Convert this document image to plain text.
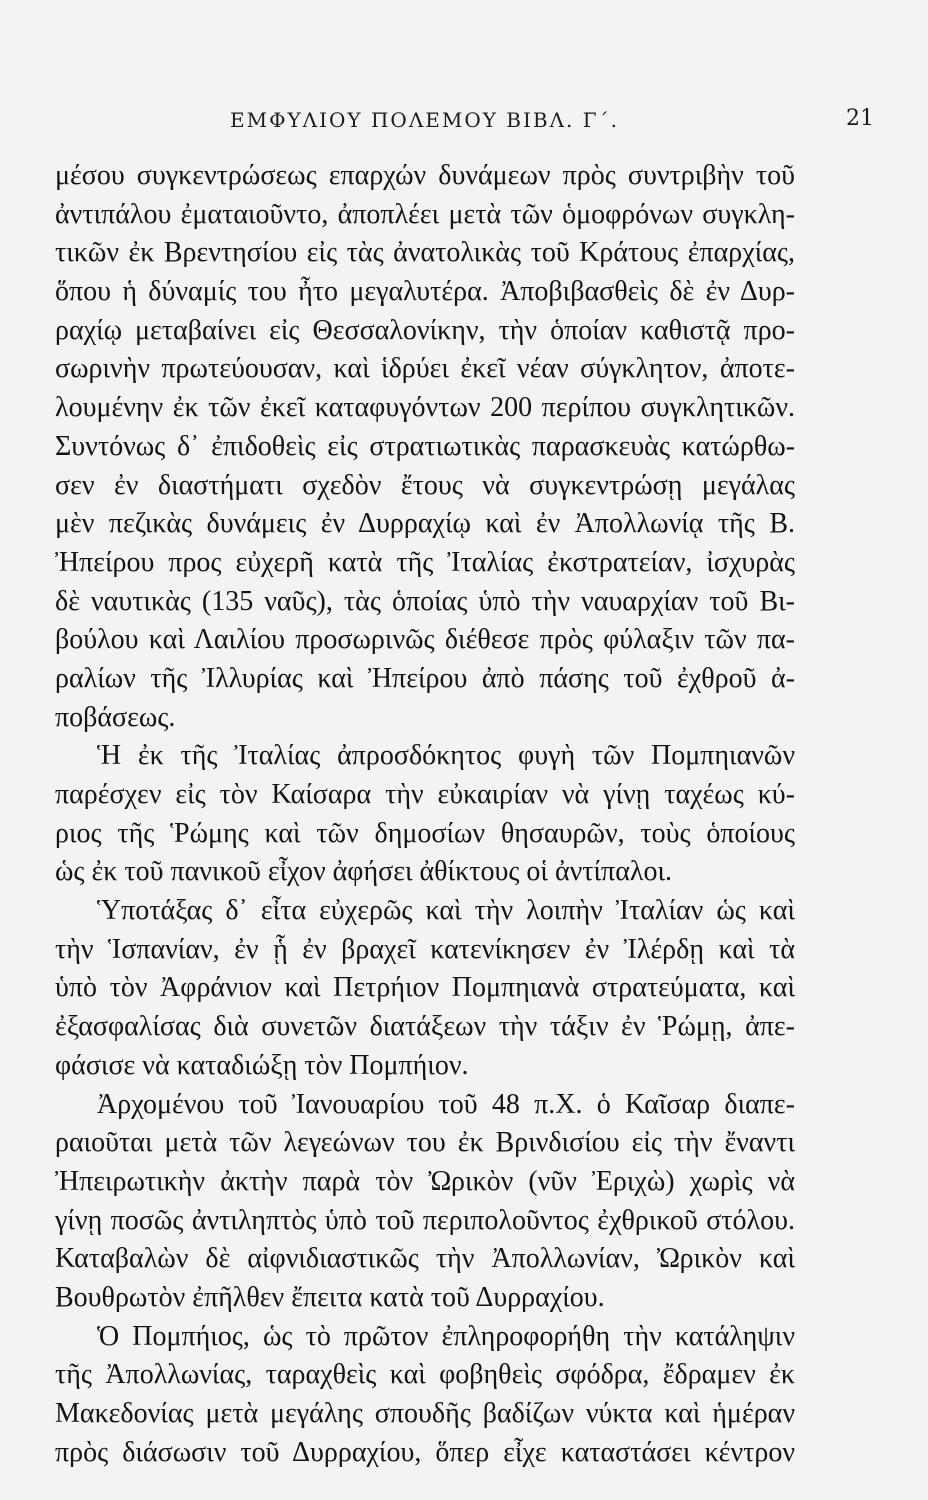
ΕΜΦΥΛΙΟΥ ΠΟΛΕΜΟΥ ΒΙΒΛ. Γ΄.	21
μέσου συγκεντρώσεως επαρχών δυνάμεων πρὸς συντριβὴν τοῦ
ἀντιπάλου ἐματαιοῦντο, ἀποπλέει μετὰ τῶν ὁμοφρόνων συγκλη-
τικῶν ἐκ Βρεντησίου εἰς τὰς ἀνατολικὰς τοῦ Κράτους ἐπαρχίας,
ὅπου ἡ δύναμίς του ἦτο μεγαλυτέρα. Ἀποβιβασθεὶς δὲ ἐν Δυρ-
ραχίῳ μεταβαίνει εἰς Θεσσαλονίκην, τὴν ὁποίαν καθιστᾷ προ-
σωρινὴν πρωτεύουσαν, καὶ ἱδρύει ἐκεῖ νέαν σύγκλητον, ἀποτε-
λουμένην ἐκ τῶν ἐκεῖ καταφυγόντων 200 περίπου συγκλητικῶν.
Συντόνως δ᾽ ἐπιδοθεὶς εἰς στρατιωτικὰς παρασκευὰς κατώρθω-
σεν ἐν διαστήματι σχεδὸν ἔτους νὰ συγκεντρώσῃ μεγάλας
μὲν πεζικὰς δυνάμεις ἐν Δυρραχίῳ καὶ ἐν Ἀπολλωνίᾳ τῆς Β.
Ἠπείρου προς εὐχερῆ κατὰ τῆς Ἰταλίας ἐκστρατείαν, ἰσχυρὰς
δὲ ναυτικὰς (135 ναῦς), τὰς ὁποίας ὑπὸ τὴν ναυαρχίαν τοῦ Βι-
βούλου καὶ Λαιλίου προσωρινῶς διέθεσε πρὸς φύλαξιν τῶν πα-
ραλίων τῆς Ἰλλυρίας καὶ Ἠπείρου ἀπὸ πάσης τοῦ ἐχθροῦ ἀ-
ποβάσεως.
Ἡ ἐκ τῆς Ἰταλίας ἀπροσδόκητος φυγὴ τῶν Πομπηιανῶν
παρέσχεν εἰς τὸν Καίσαρα τὴν εὐκαιρίαν νὰ γίνῃ ταχέως κύ-
ριος τῆς Ῥώμης καὶ τῶν δημοσίων θησαυρῶν, τοὺς ὁποίους
ὡς ἐκ τοῦ πανικοῦ εἶχον ἀφήσει ἀθίκτους οἱ ἀντίπαλοι.
Ὑποτάξας δ᾽ εἶτα εὐχερῶς καὶ τὴν λοιπὴν Ἰταλίαν ὡς καὶ
τὴν Ἱσπανίαν, ἐν ᾗ ἐν βραχεῖ κατενίκησεν ἐν Ἰλέρδῃ καὶ τὰ
ὑπὸ τὸν Ἀφράνιον καὶ Πετρήιον Πομπηιανὰ στρατεύματα, καὶ
ἐξασφαλίσας διὰ συνετῶν διατάξεων τὴν τάξιν ἐν Ῥώμῃ, ἀπε-
φάσισε νὰ καταδιώξῃ τὸν Πομπήιον.
Ἀρχομένου τοῦ Ἰανουαρίου τοῦ 48 π.Χ. ὁ Καῖσαρ διαπε-
ραιοῦται μετὰ τῶν λεγεώνων του ἐκ Βρινδισίου εἰς τὴν ἔναντι
Ἠπειρωτικὴν ἀκτὴν παρὰ τὸν Ὠρικὸν (νῦν Ἐριχὼ) χωρὶς νὰ
γίνῃ ποσῶς ἀντιληπτὸς ὑπὸ τοῦ περιπολοῦντος ἐχθρικοῦ στόλου.
Καταβαλὼν δὲ αἰφνιδιαστικῶς τὴν Ἀπολλωνίαν, Ὠρικὸν καὶ
Βουθρωτὸν ἐπῆλθεν ἔπειτα κατὰ τοῦ Δυρραχίου.
Ὁ Πομπήιος, ὡς τὸ πρῶτον ἐπληροφορήθη τὴν κατάληψιν
τῆς Ἀπολλωνίας, ταραχθεὶς καὶ φοβηθεὶς σφόδρα, ἔδραμεν ἐκ
Μακεδονίας μετὰ μεγάλης σπουδῆς βαδίζων νύκτα καὶ ἡμέραν
πρὸς διάσωσιν τοῦ Δυρραχίου, ὅπερ εἶχε καταστάσει κέντρον
